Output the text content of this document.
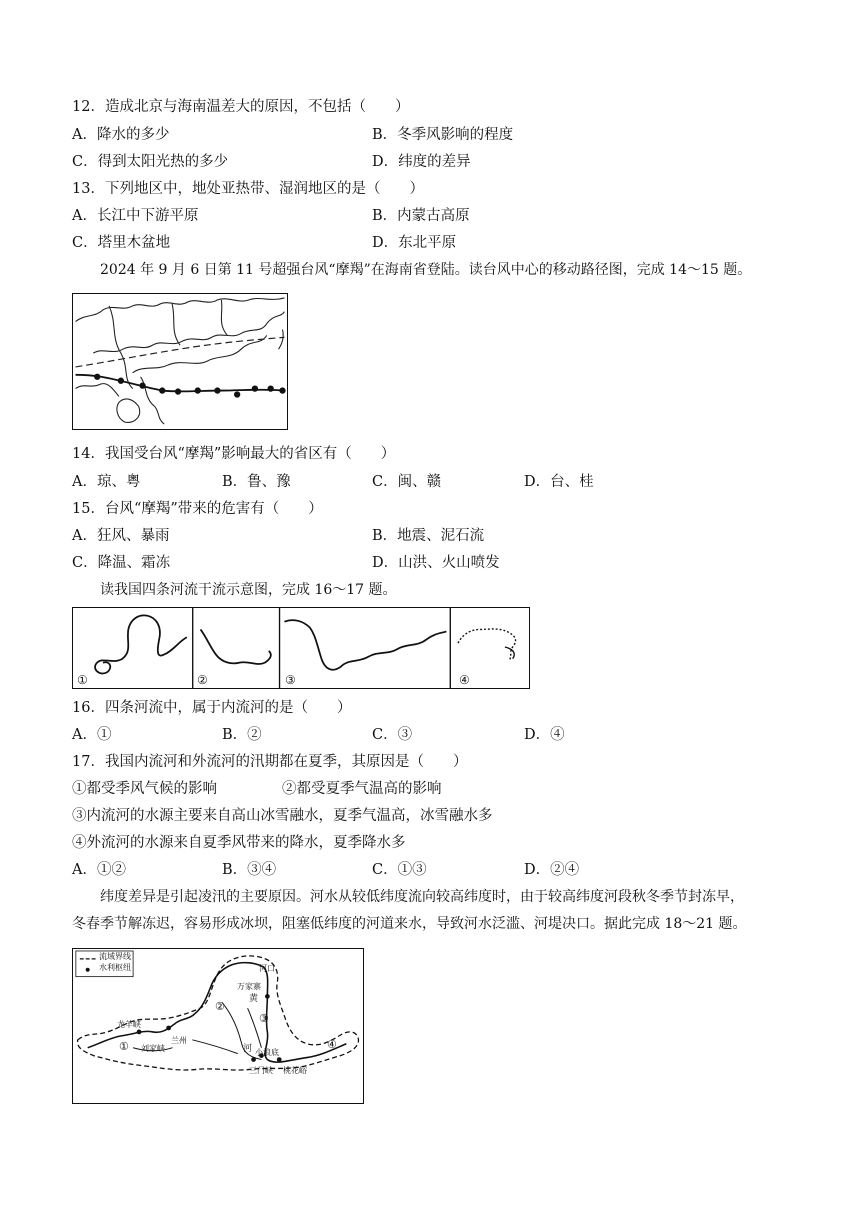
12．造成北京与海南温差大的原因，不包括（　　）
A．降水的多少	B．冬季风影响的程度
C．得到太阳光热的多少	D．纬度的差异
13．下列地区中，地处亚热带、湿润地区的是（　　）
A．长江中下游平原	B．内蒙古高原
C．塔里木盆地	D．东北平原
2024 年 9 月 6 日第 11 号超强台风“摩羯”在海南省登陆。读台风中心的移动路径图，完成 14～15 题。
14．我国受台风“摩羯”影响最大的省区有（　　）
A．琼、粤	B．鲁、豫	C．闽、赣	D．台、桂
15．台风“摩羯”带来的危害有（　　）
A．狂风、暴雨	B．地震、泥石流
C．降温、霜冻	D．山洪、火山喷发
读我国四条河流干流示意图，完成 16～17 题。
①	②	③	④
16．四条河流中，属于内流河的是（　　）
A．①	B．②	C．③	D．④
17．我国内流河和外流河的汛期都在夏季，其原因是（　　）
①都受季风气候的影响	②都受夏季气温高的影响
③内流河的水源主要来自高山冰雪融水，夏季气温高，冰雪融水多
④外流河的水源来自夏季风带来的降水，夏季降水多
A．①②	B．③④	C．①③	D．②④
纬度差异是引起凌汛的主要原因。河水从较低纬度流向较高纬度时，由于较高纬度河段秋冬季节封冻早，
冬春季节解冻迟，容易形成冰坝，阻塞低纬度的河道来水，导致河水泛滥、河堤决口。据此完成 18～21 题。
流域界线
水利枢纽	河口
万家寨
黄
河
龙羊峡
刘家峡
兰州
小浪底
三门峡 桃花峪
①
②
③
④
